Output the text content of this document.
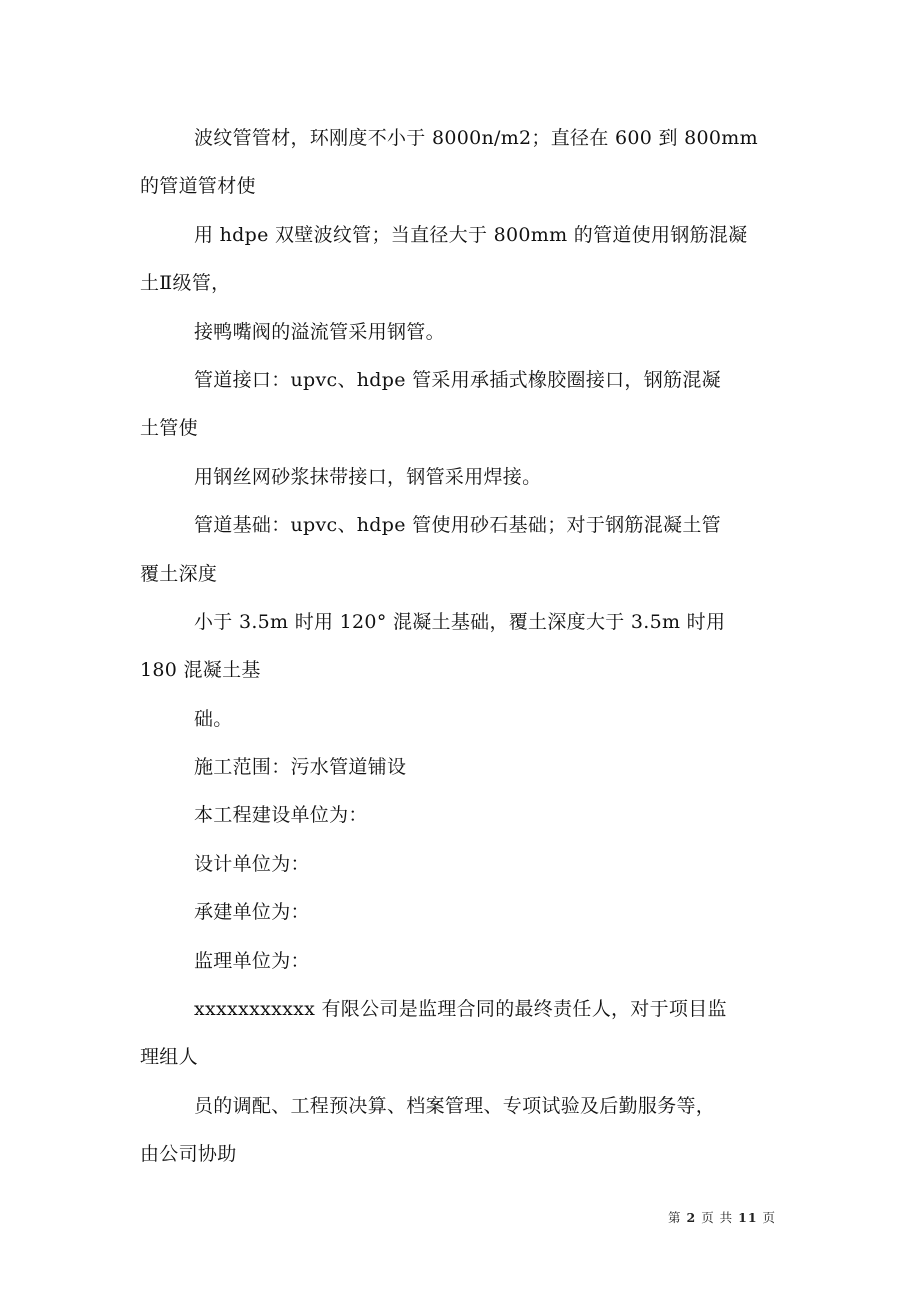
波纹管管材，环刚度不小于 8000n/m2；直径在 600 到 800mm
的管道管材使
用 hdpe 双壁波纹管；当直径大于 800mm 的管道使用钢筋混凝
土Ⅱ级管，
接鸭嘴阀的溢流管采用钢管。
管道接口：upvc、hdpe 管采用承插式橡胶圈接口，钢筋混凝
土管使
用钢丝网砂浆抹带接口，钢管采用焊接。
管道基础：upvc、hdpe 管使用砂石基础；对于钢筋混凝土管
覆土深度
小于 3.5m 时用 120° 混凝土基础，覆土深度大于 3.5m 时用
180 混凝土基
础。
施工范围：污水管道铺设
本工程建设单位为：
设计单位为：
承建单位为：
监理单位为：
xxxxxxxxxxx 有限公司是监理合同的最终责任人，对于项目监
理组人
员的调配、工程预决算、档案管理、专项试验及后勤服务等，
由公司协助
第 2 页 共 11 页
